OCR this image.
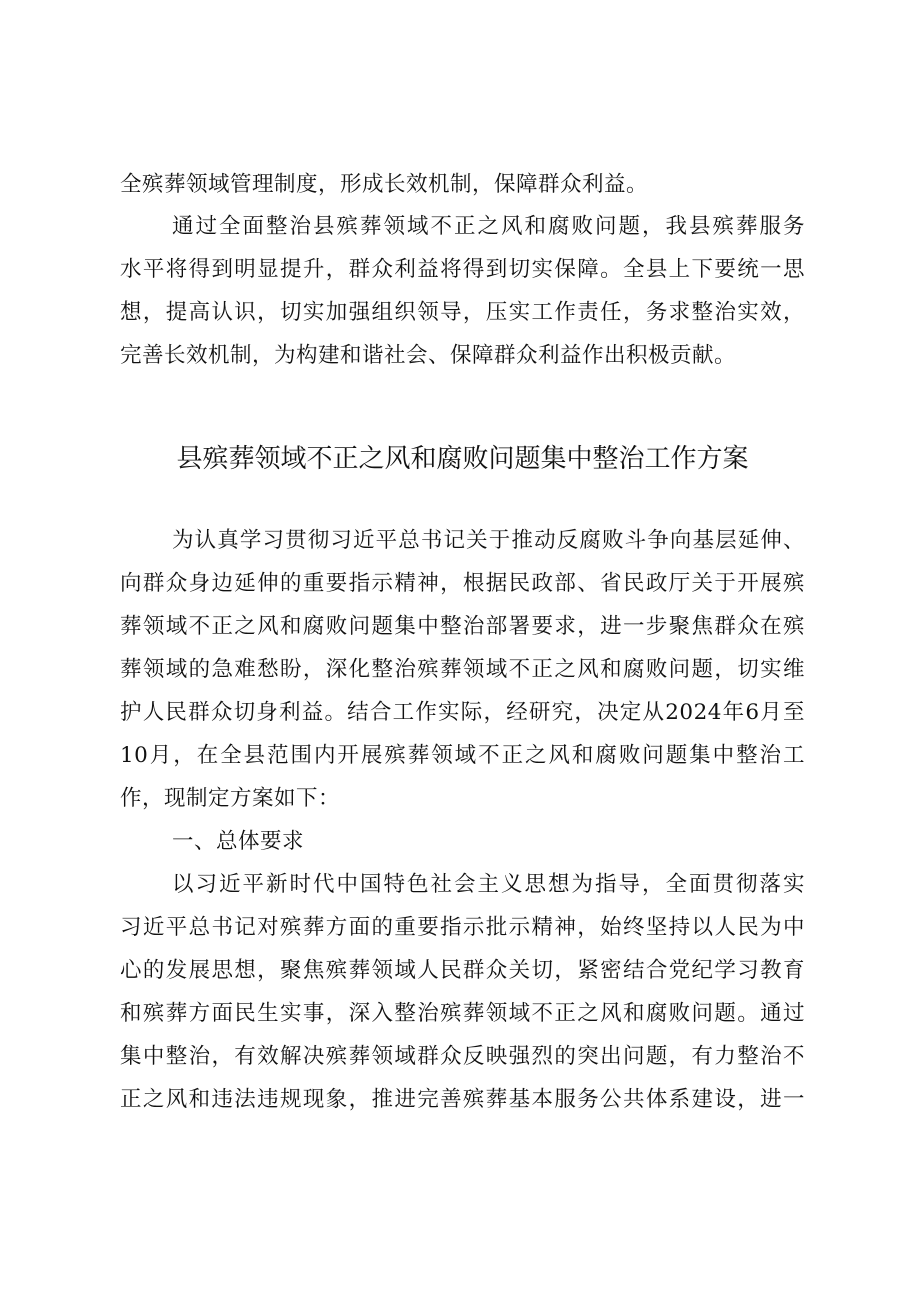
全殡葬领域管理制度，形成长效机制，保障群众利益。
通过全面整治县殡葬领域不正之风和腐败问题，我县殡葬服务
水平将得到明显提升，群众利益将得到切实保障。全县上下要统一思
想，提高认识，切实加强组织领导，压实工作责任，务求整治实效，
完善长效机制，为构建和谐社会、保障群众利益作出积极贡献。
县殡葬领域不正之风和腐败问题集中整治工作方案
为认真学习贯彻习近平总书记关于推动反腐败斗争向基层延伸、
向群众身边延伸的重要指示精神，根据民政部、省民政厅关于开展殡
葬领域不正之风和腐败问题集中整治部署要求，进一步聚焦群众在殡
葬领域的急难愁盼，深化整治殡葬领域不正之风和腐败问题，切实维
护人民群众切身利益。结合工作实际，经研究，决定从2024年6月至
10月，在全县范围内开展殡葬领域不正之风和腐败问题集中整治工
作，现制定方案如下：
一、总体要求
以习近平新时代中国特色社会主义思想为指导，全面贯彻落实
习近平总书记对殡葬方面的重要指示批示精神，始终坚持以人民为中
心的发展思想，聚焦殡葬领域人民群众关切，紧密结合党纪学习教育
和殡葬方面民生实事，深入整治殡葬领域不正之风和腐败问题。通过
集中整治，有效解决殡葬领域群众反映强烈的突出问题，有力整治不
正之风和违法违规现象，推进完善殡葬基本服务公共体系建设，进一
